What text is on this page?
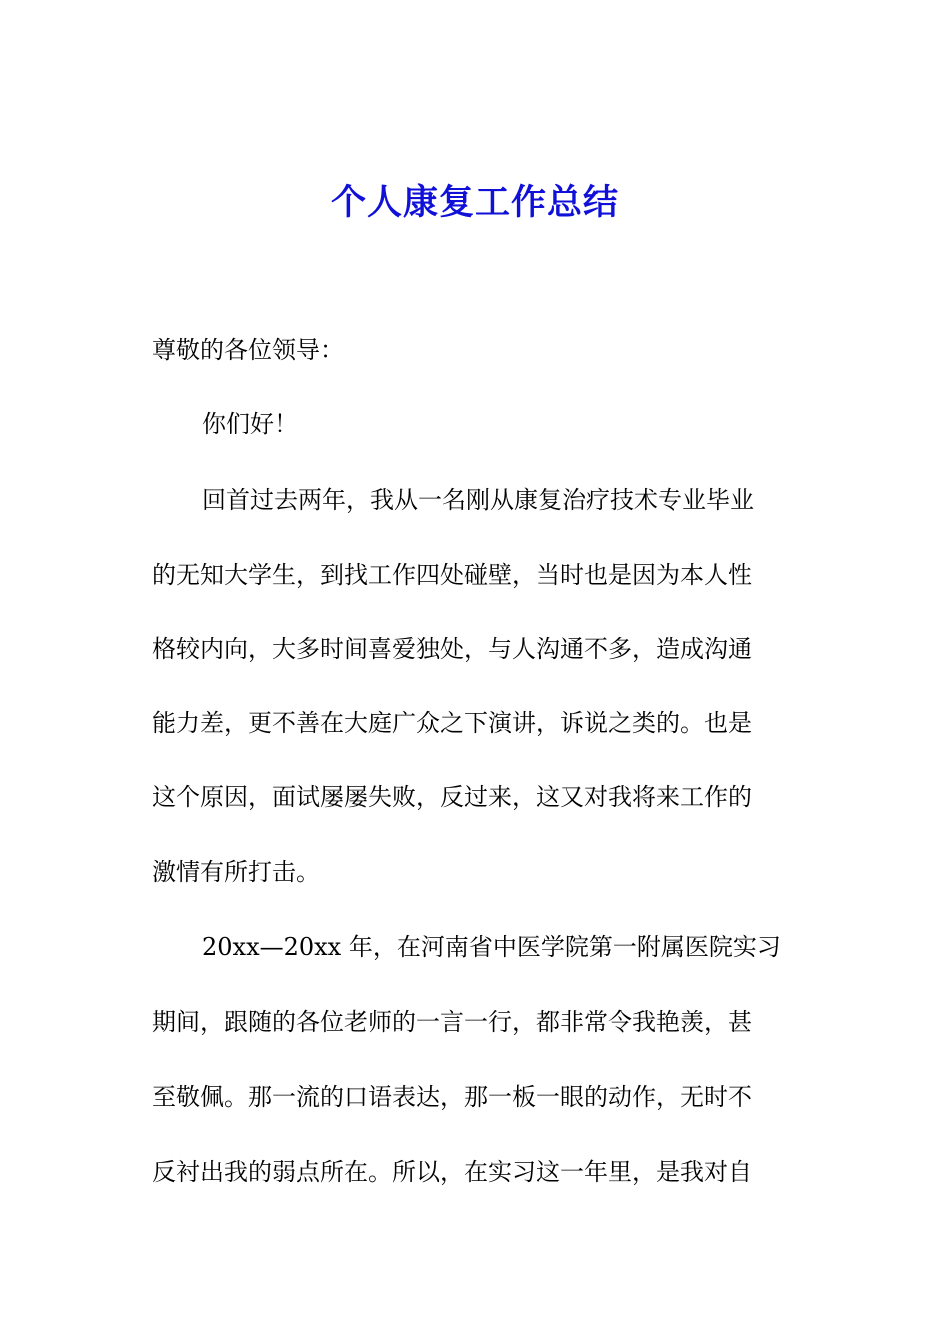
个人康复工作总结

尊敬的各位领导：

你们好！

回首过去两年，我从一名刚从康复治疗技术专业毕业

的无知大学生，到找工作四处碰壁，当时也是因为本人性

格较内向，大多时间喜爱独处，与人沟通不多，造成沟通

能力差，更不善在大庭广众之下演讲，诉说之类的。也是

这个原因，面试屡屡失败，反过来，这又对我将来工作的

激情有所打击。

20xx—20xx 年，在河南省中医学院第一附属医院实习

期间，跟随的各位老师的一言一行，都非常令我艳羡，甚

至敬佩。那一流的口语表达，那一板一眼的动作，无时不

反衬出我的弱点所在。所以，在实习这一年里，是我对自
